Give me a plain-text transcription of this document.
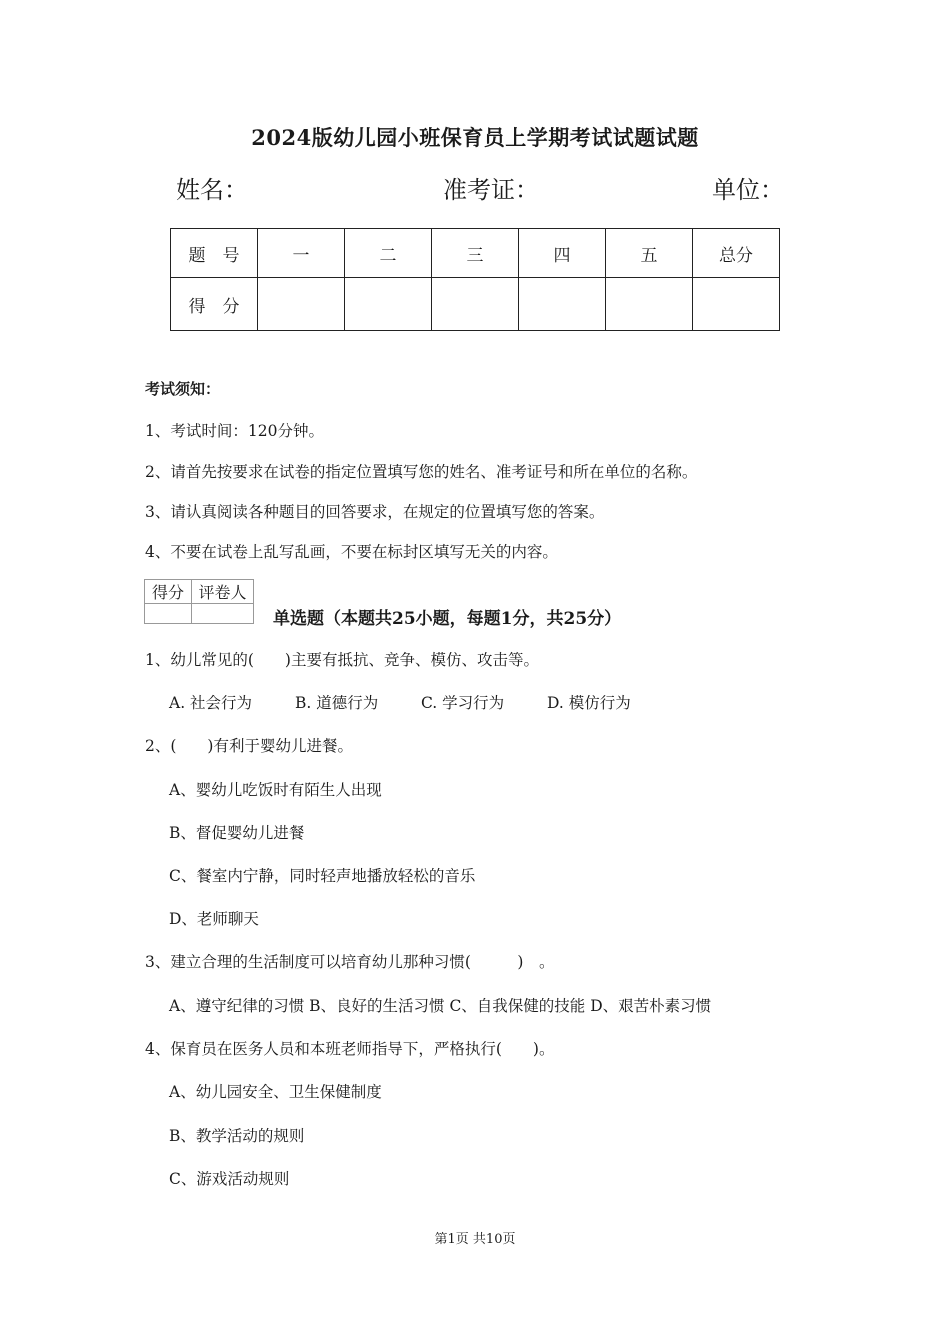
2024版幼儿园小班保育员上学期考试试题试题
姓名：	准考证：	单位：
题　号	一	二	三	四	五	总分
得　分						
考试须知：
1、考试时间：120分钟。
2、请首先按要求在试卷的指定位置填写您的姓名、准考证号和所在单位的名称。
3、请认真阅读各种题目的回答要求，在规定的位置填写您的答案。
4、不要在试卷上乱写乱画，不要在标封区填写无关的内容。
得分	评卷人

单选题（本题共25小题，每题1分，共25分）
1、幼儿常见的(　　)主要有抵抗、竞争、模仿、攻击等。
A. 社会行为	B. 道德行为	C. 学习行为	D. 模仿行为
2、(　　)有利于婴幼儿进餐。
A、婴幼儿吃饭时有陌生人出现
B、督促婴幼儿进餐
C、餐室内宁静，同时轻声地播放轻松的音乐
D、老师聊天
3、建立合理的生活制度可以培育幼儿那种习惯(　　　)　。
A、遵守纪律的习惯 B、良好的生活习惯 C、自我保健的技能 D、艰苦朴素习惯
4、保育员在医务人员和本班老师指导下，严格执行(　　)。
A、幼儿园安全、卫生保健制度
B、教学活动的规则
C、游戏活动规则
第1页 共10页
